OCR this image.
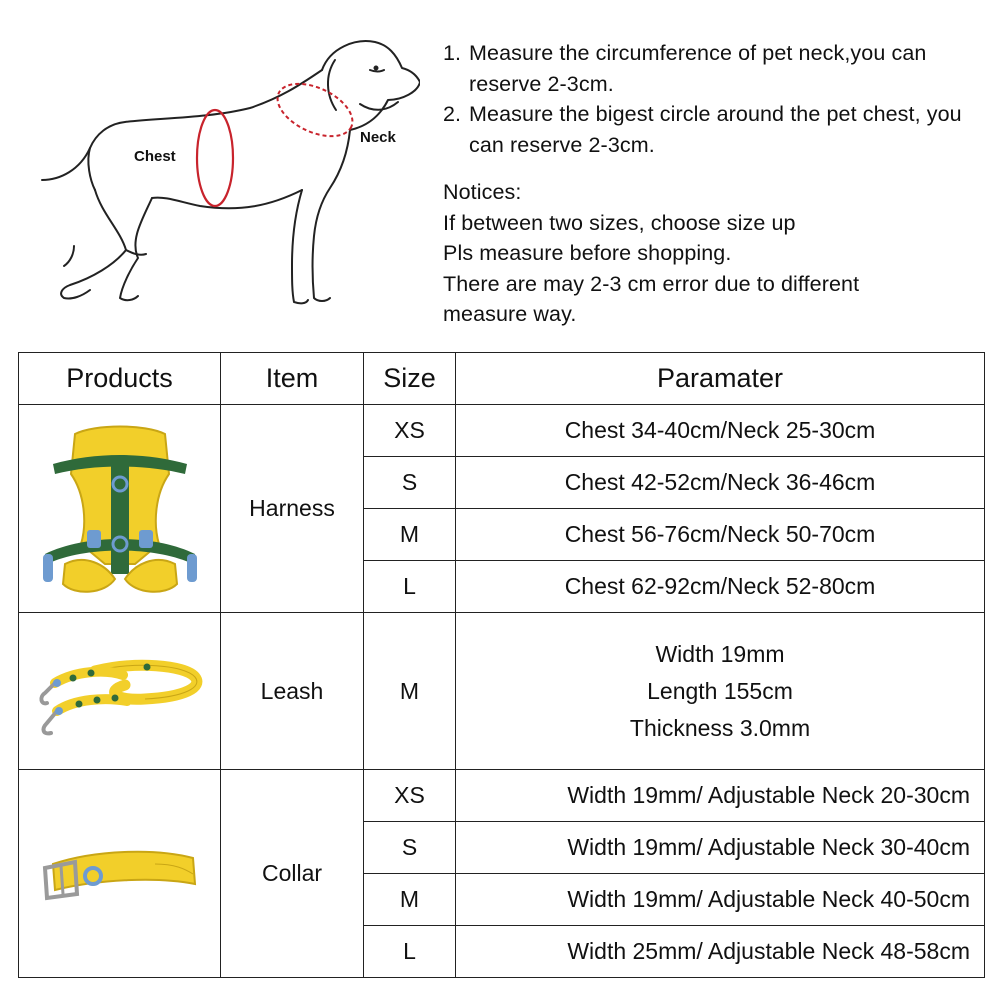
Chest
Neck
1. Measure the circumference of pet neck,you can reserve 2-3cm.
2. Measure the bigest circle around the pet chest, you can reserve 2-3cm.
Notices:
If between two sizes, choose size up
Pls measure before shopping.
There are may 2-3 cm error due to different
measure way.
Products	Item	Size	Paramater

	Harness	XS	Chest 34-40cm/Neck 25-30cm
		S	Chest 42-52cm/Neck 36-46cm
		M	Chest 56-76cm/Neck 50-70cm
		L	Chest 62-92cm/Neck 52-80cm

	Leash	M	Width 19mm
Length 155cm
Thickness 3.0mm

	Collar	XS	Width 19mm/ Adjustable Neck 20-30cm
		S	Width 19mm/ Adjustable Neck 30-40cm
		M	Width 19mm/ Adjustable Neck 40-50cm
		L	Width 25mm/ Adjustable Neck 48-58cm
